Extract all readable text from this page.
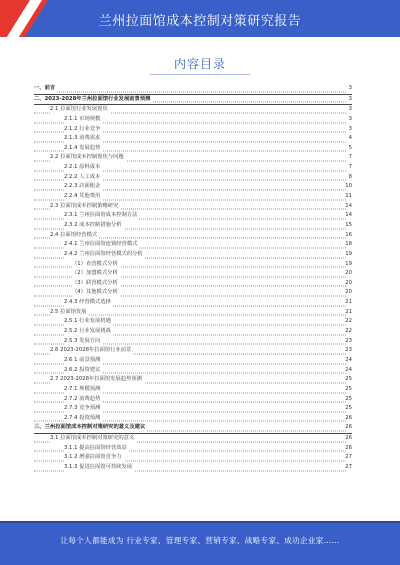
兰州拉面馆成本控制对策研究报告
内容目录
一、前言	3
二、2023-2028年兰州拉面馆行业发展前景预测	3
2.1 拉面馆行业发展现状	3
2.1.1 市场规模	3
2.1.2 行业竞争	3
2.1.3 消费需求	4
2.1.4 发展趋势	5
2.2 拉面馆成本控制现状与问题	7
2.2.1 原料成本	7
2.2.2 人工成本	8
2.2.3 店面租金	10
2.2.4 其他费用	11
2.3 拉面馆成本控制策略研究	14
2.3.1 兰州拉面馆成本控制方法	14
2.3.2 成本控制措施分析	15
2.4 拉面馆经营模式	16
2.4.1 兰州拉面馆连锁经营模式	18
2.4.2 兰州拉面馆经营模式的分析	19
（1）直营模式分析	19
（2）加盟模式分析	20
（3）联营模式分析	20
（4）其他模式分析	20
2.4.3 经营模式选择	21
2.5 拉面馆发展	21
2.5.1 行业发展机遇	22
2.5.2 行业发展挑战	22
2.5.3 发展方向	23
2.6 2023-2028年拉面馆行业前景	23
2.6.1 前景预测	24
2.6.2 投资建议	24
2.7 2023-2028年拉面馆发展趋势预测	25
2.7.1 规模预测	25
2.7.2 消费趋势	25
2.7.3 竞争预测	25
2.7.4 投资预测	26
三、兰州拉面馆成本控制对策研究的意义及建议	26
3.1 拉面馆成本控制对策研究的意义	26
3.1.1 提高拉面馆经营效益	26
3.1.2 增强拉面馆竞争力	27
3.1.3 促进拉面馆可持续发展	27
让每个人都能成为 行业专家、管理专家、营销专家、战略专家、成功企业家……
